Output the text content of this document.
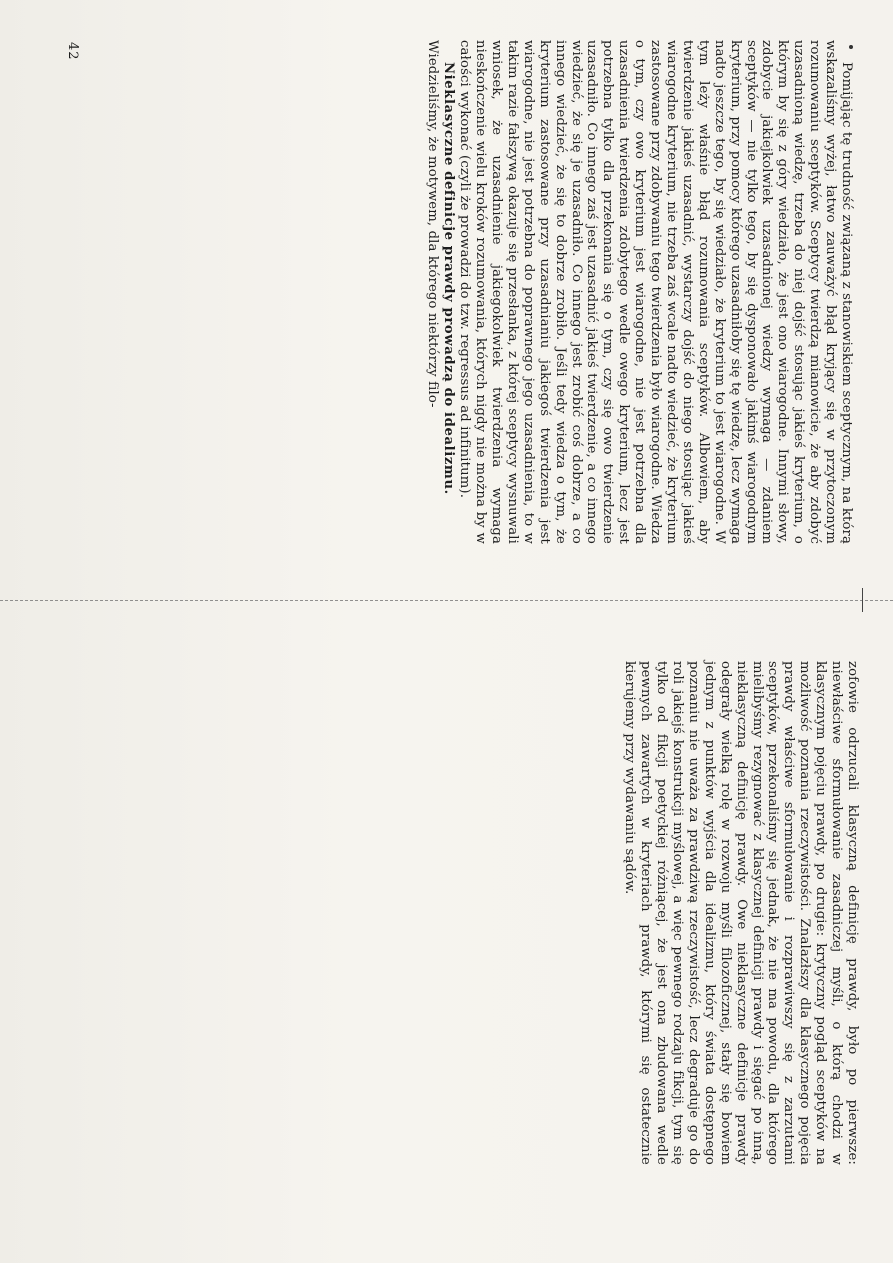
Pomijając tę trudność związaną z stanowiskiem sceptycznym, na którą wskazaliśmy wyżej, łatwo zauważyć błąd kryjący się w przytoczonym rozumowaniu sceptyków. Sceptycy twierdzą mianowicie, że aby zdobyć uzasadnioną wiedzę, trzeba do niej dojść stosując jakieś kryterium, o którym by się z góry wiedziało, że jest ono wiarogodne. Innymi słowy, zdobycie jakiejkolwiek uzasadnionej wiedzy wymaga — zdaniem sceptyków — nie tylko tego, by się dysponowało jakimś wiarogodnym kryterium, przy pomocy którego uzasadniłoby się tę wiedzę, lecz wymaga nadto jeszcze tego, by się wiedziało, że kryterium to jest wiarogodne. W tym leży właśnie błąd rozumowania sceptyków. Albowiem, aby twierdzenie jakieś uzasadnić, wystarczy dojść do niego stosując jakieś wiarogodne kryterium, nie trzeba zaś wcale nadto wiedzieć, że kryterium zastosowane przy zdobywaniu tego twierdzenia było wiarogodne. Wiedza o tym, czy owo kryterium jest wiarogodne, nie jest potrzebna dla uzasadnienia twierdzenia zdobytego wedle owego kryterium, lecz jest potrzebna tylko dla przekonania się o tym, czy się owo twierdzenie uzasadniło. Co innego zaś jest uzasadnić jakieś twierdzenie, a co innego wiedzieć, że się je uzasadniło. Co innego jest zrobić coś dobrze, a co innego wiedzieć, że się to dobrze zrobiło. Jeśli tedy wiedza o tym, że kryterium zastosowane przy uzasadnianiu jakiegoś twierdzenia jest wiarogodne, nie jest potrzebna do poprawnego jego uzasadnienia, to w takim razie fałszywą okazuje się przesłanka, z której sceptycy wysnuwali wniosek, że uzasadnienie jakiegokolwiek twierdzenia wymaga nieskończenie wielu kroków rozumowania, których nigdy nie można by w całości wykonać (czyli że prowadzi do tzw. regressus ad infinitum).

Nieklasyczne definicje prawdy prowadzą do idealizmu.

Wiedzieliśmy, że motywem, dla którego niektórzy filo-

zofowie odrzucali klasyczną definicję prawdy, było po pierwsze: niewłaściwe sformułowanie zasadniczej myśli, o którą chodzi w klasycznym pojęciu prawdy, po drugie: krytyczny pogląd sceptyków na możliwość poznania rzeczywistości. Znalazłszy dla klasycznego pojęcia prawdy właściwe sformułowanie i rozprawiwszy się z zarzutami sceptyków, przekonaliśmy się jednak, że nie ma powodu, dla którego mielibyśmy rezygnować z klasycznej definicji prawdy i sięgać po inną, nieklasyczną definicję prawdy. Owe nieklasyczne definicje prawdy odegrały wielką rolę w rozwoju myśli filozoficznej, stały się bowiem jednym z punktów wyjścia dla idealizmu, który świata dostępnego poznaniu nie uważa za prawdziwą rzeczywistość, lecz degraduje go do roli jakiejś konstrukcji myślowej, a więc pewnego rodzaju fikcji, tym się tylko od fikcji poetyckiej różniącej, że jest ona zbudowana wedle pewnych zawartych w kryteriach prawdy, którymi się ostatecznie kierujemy przy wydawaniu sądów.

42
